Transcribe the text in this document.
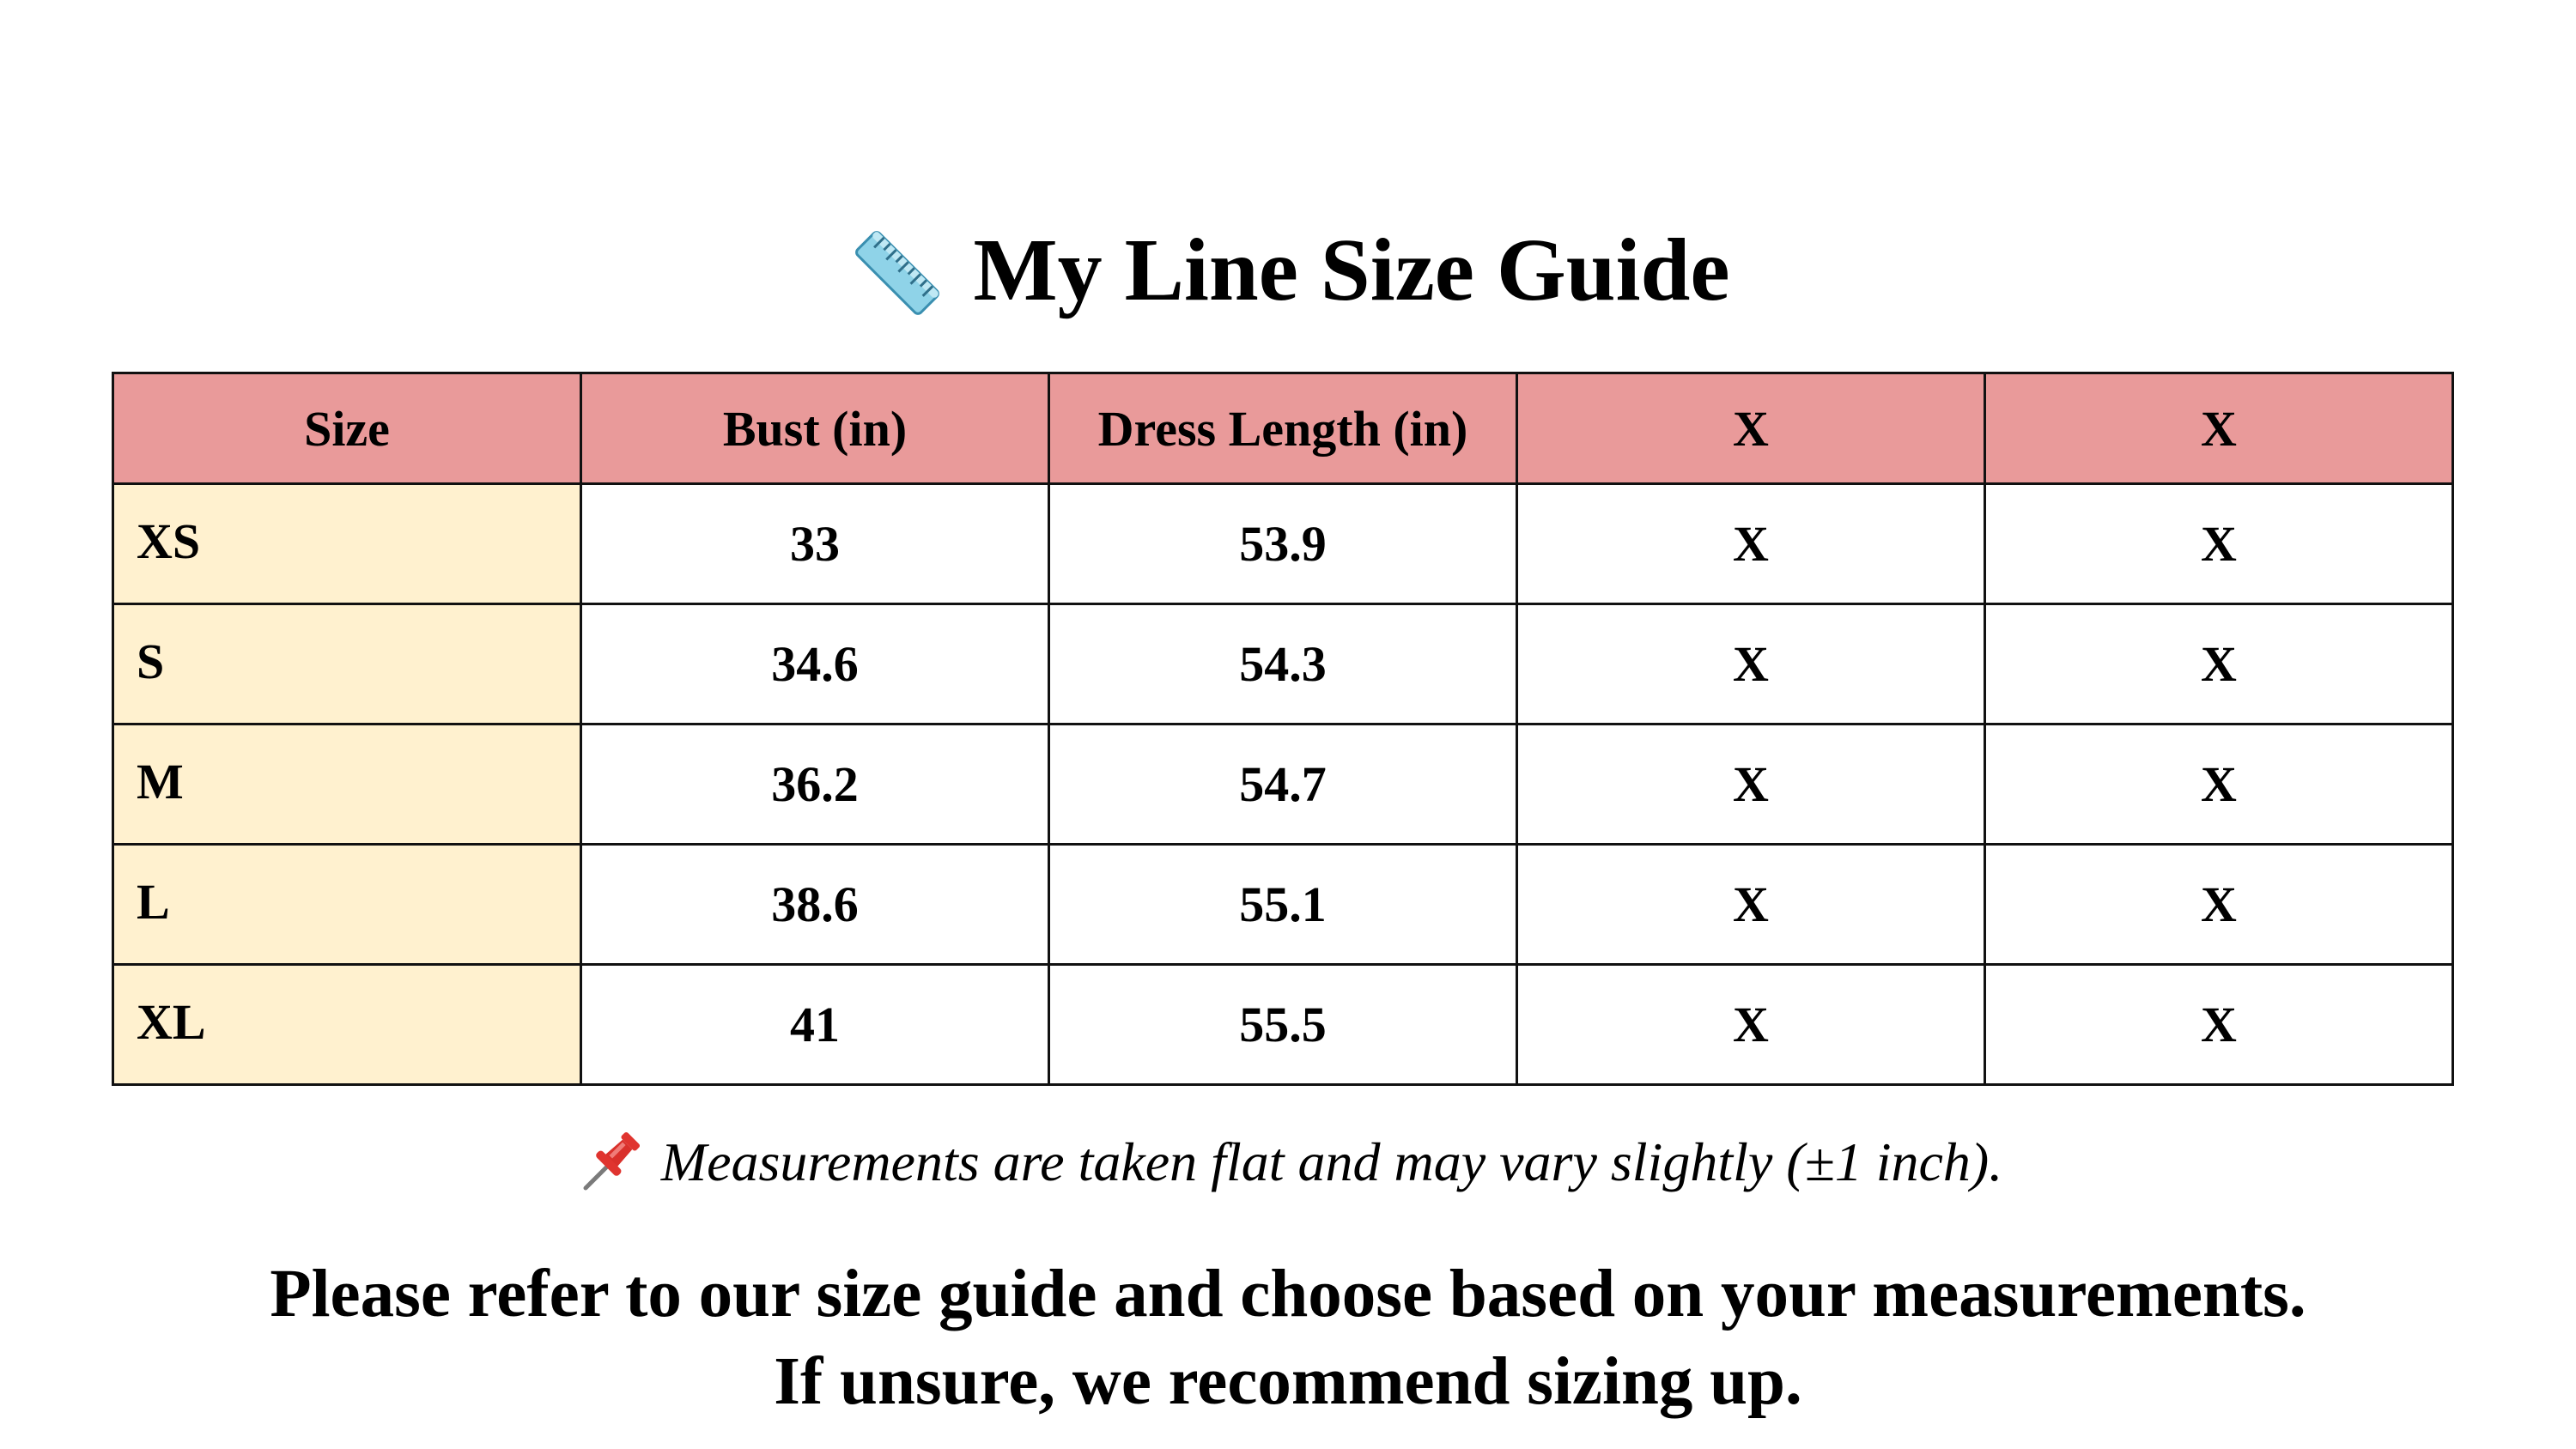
My Line Size Guide
Size	Bust (in)	Dress Length (in)	X	X
XS	33	53.9	X	X
S	34.6	54.3	X	X
M	36.2	54.7	X	X
L	38.6	55.1	X	X
XL	41	55.5	X	X
Measurements are taken flat and may vary slightly (±1 inch).
Please refer to our size guide and choose based on your measurements.
If unsure, we recommend sizing up.
